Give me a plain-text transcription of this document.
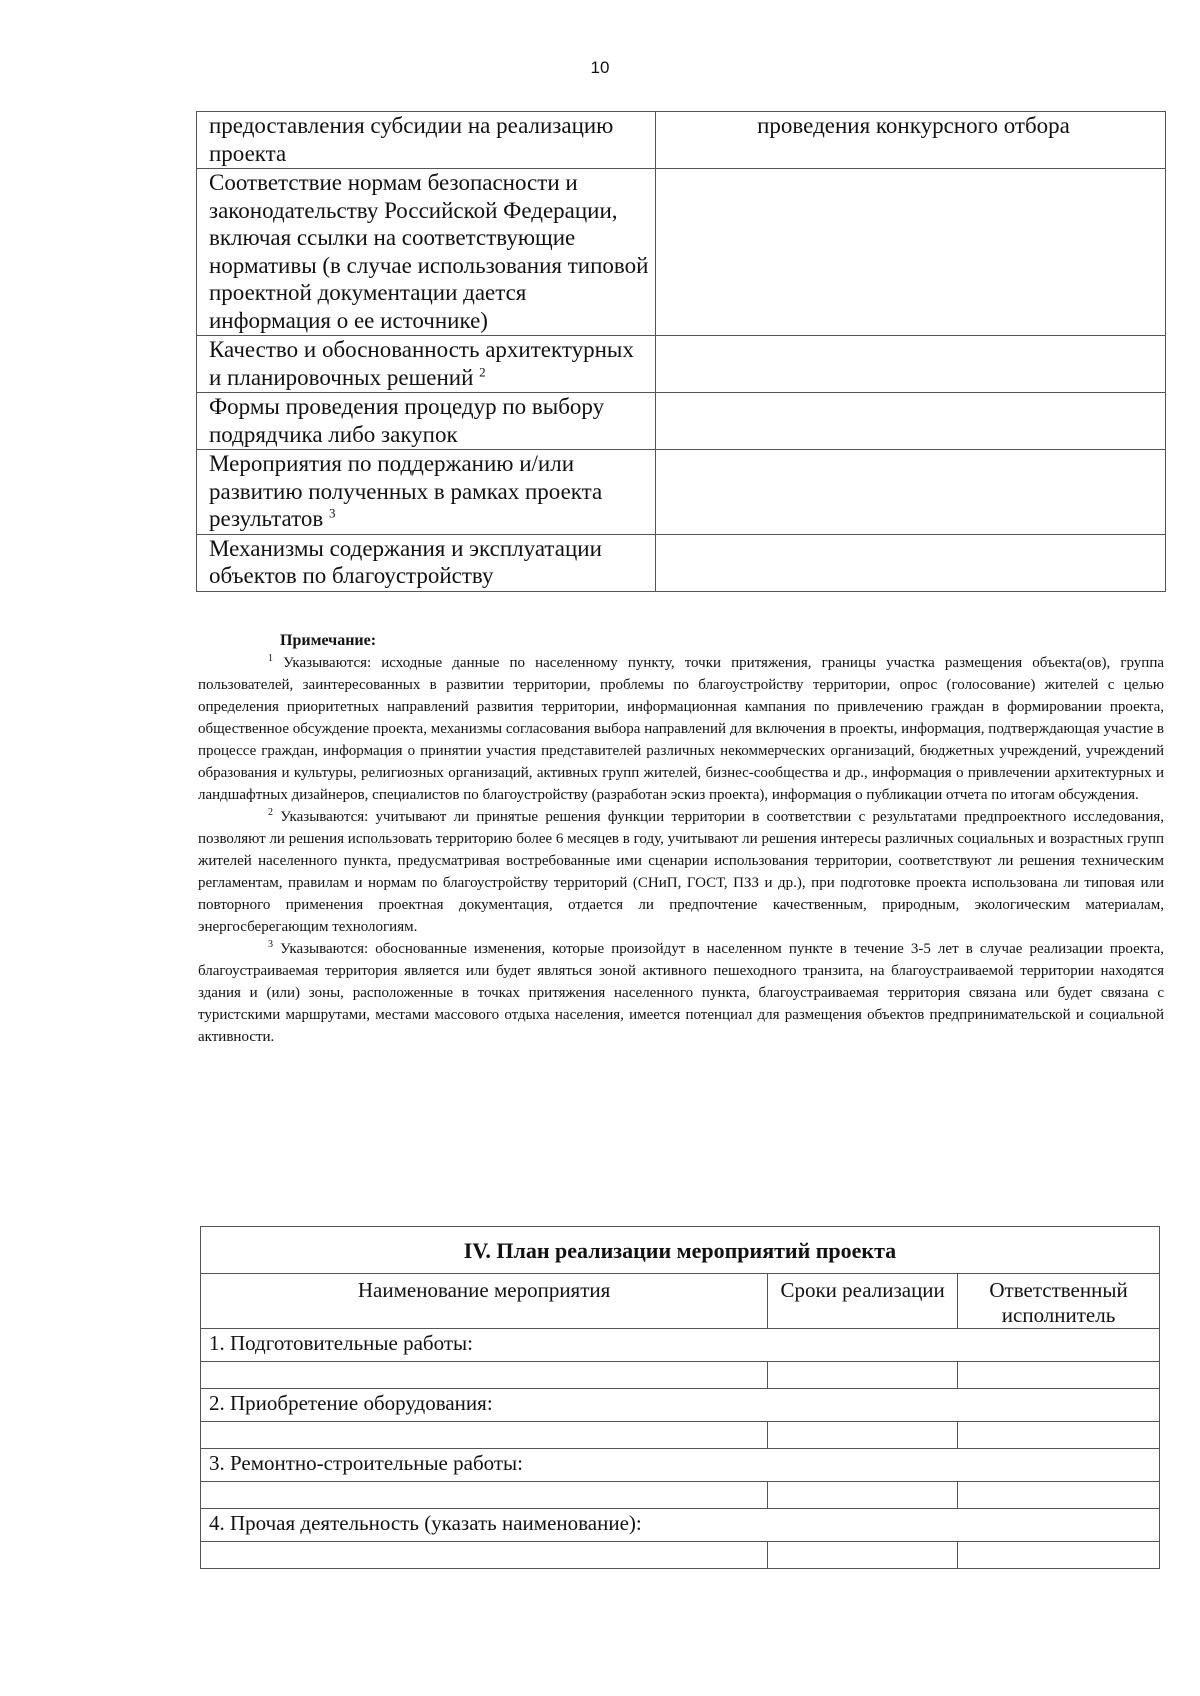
10
предоставления субсидии на реализацию проекта	проведения конкурсного отбора
Соответствие нормам безопасности и законодательству Российской Федерации, включая ссылки на соответствующие нормативы (в случае использования типовой проектной документации дается информация о ее источнике)	
Качество и обоснованность архитектурных и планировочных решений $^2$	
Формы проведения процедур по выбору подрядчика либо закупок	
Мероприятия по поддержанию и/или развитию полученных в рамках проекта результатов $^3$	
Механизмы содержания и эксплуатации объектов по благоустройству	
Примечание:

$^1$ Указываются: исходные данные по населенному пункту, точки притяжения, границы участка размещения объекта(ов), группа пользователей, заинтересованных в развитии территории, проблемы по благоустройству территории, опрос (голосование) жителей с целью определения приоритетных направлений развития территории, информационная кампания по привлечению граждан в формировании проекта, общественное обсуждение проекта, механизмы согласования выбора направлений для включения в проекты, информация, подтверждающая участие в процессе граждан, информация о принятии участия представителей различных некоммерческих организаций, бюджетных учреждений, учреждений образования и культуры, религиозных организаций, активных групп жителей, бизнес-сообщества и др., информация о привлечении архитектурных и ландшафтных дизайнеров, специалистов по благоустройству (разработан эскиз проекта), информация о публикации отчета по итогам обсуждения.

$^2$ Указываются: учитывают ли принятые решения функции территории в соответствии с результатами предпроектного исследования, позволяют ли решения использовать территорию более 6 месяцев в году, учитывают ли решения интересы различных социальных и возрастных групп жителей населенного пункта, предусматривая востребованные ими сценарии использования территории, соответствуют ли решения техническим регламентам, правилам и нормам по благоустройству территорий (СНиП, ГОСТ, ПЗЗ и др.), при подготовке проекта использована ли типовая или повторного применения проектная документация, отдается ли предпочтение качественным, природным, экологическим материалам, энергосберегающим технологиям.

$^3$ Указываются: обоснованные изменения, которые произойдут в населенном пункте в течение 3-5 лет в случае реализации проекта, благоустраиваемая территория является или будет являться зоной активного пешеходного транзита, на благоустраиваемой территории находятся здания и (или) зоны, расположенные в точках притяжения населенного пункта, благоустраиваемая территория связана или будет связана с туристскими маршрутами, местами массового отдыха населения, имеется потенциал для размещения объектов предпринимательской и социальной активности.

IV. План реализации мероприятий проекта		
Наименование мероприятия	Сроки реализации	Ответственный исполнитель
1. Подготовительные работы:		

2. Приобретение оборудования:		

3. Ремонтно-строительные работы:		

4. Прочая деятельность (указать наименование):		
